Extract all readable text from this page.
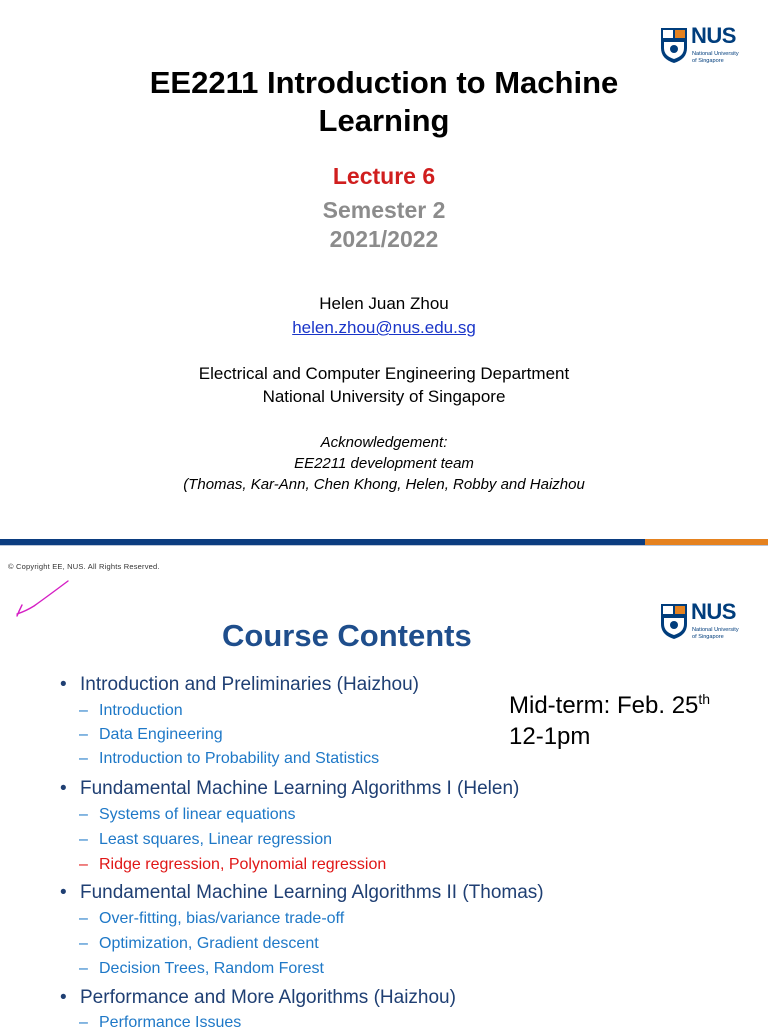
NUS
National University
of Singapore
EE2211 Introduction to Machine
Learning
Lecture 6
Semester 2
2021/2022
Helen Juan Zhou
helen.zhou@nus.edu.sg
Electrical and Computer Engineering Department
National University of Singapore
Acknowledgement:
EE2211 development team
(Thomas, Kar-Ann, Chen Khong, Helen, Robby and Haizhou
© Copyright EE, NUS. All Rights Reserved.
NUS
National University
of Singapore
Course Contents
Mid-term: Feb. 25th
12-1pm
• Introduction and Preliminaries (Haizhou)
– Introduction
– Data Engineering
– Introduction to Probability and Statistics
• Fundamental Machine Learning Algorithms I (Helen)
– Systems of linear equations
– Least squares, Linear regression
– Ridge regression, Polynomial regression
• Fundamental Machine Learning Algorithms II (Thomas)
– Over-fitting, bias/variance trade-off
– Optimization, Gradient descent
– Decision Trees, Random Forest
• Performance and More Algorithms (Haizhou)
– Performance Issues
